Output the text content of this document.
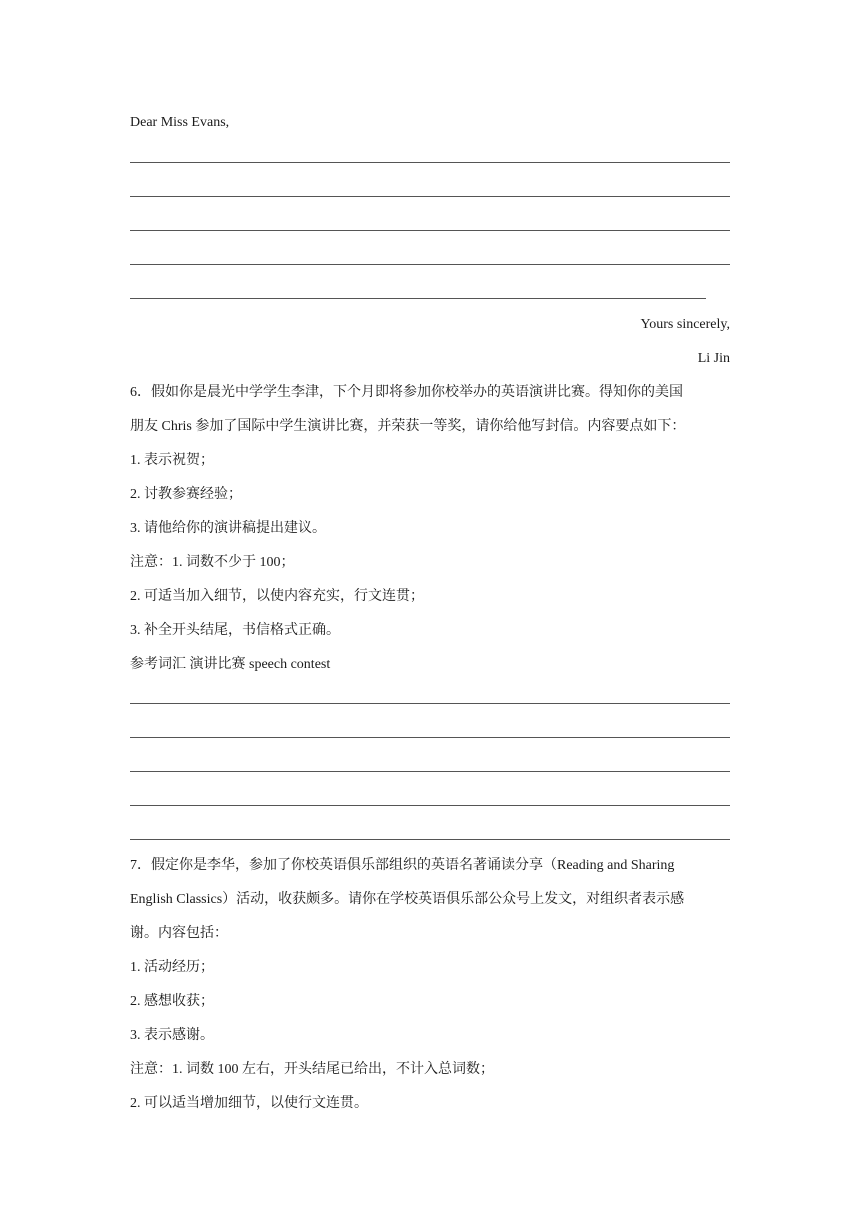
Dear Miss Evans,
Yours sincerely,
Li Jin
6．假如你是晨光中学学生李津，下个月即将参加你校举办的英语演讲比赛。得知你的美国
朋友 Chris 参加了国际中学生演讲比赛，并荣获一等奖，请你给他写封信。内容要点如下：
1. 表示祝贺；
2. 讨教参赛经验；
3. 请他给你的演讲稿提出建议。
注意：1. 词数不少于 100；
2. 可适当加入细节，以使内容充实，行文连贯；
3. 补全开头结尾，书信格式正确。
参考词汇 演讲比赛 speech contest
7．假定你是李华，参加了你校英语俱乐部组织的英语名著诵读分享（Reading and Sharing
English Classics）活动，收获颇多。请你在学校英语俱乐部公众号上发文，对组织者表示感
谢。内容包括：
1. 活动经历；
2. 感想收获；
3. 表示感谢。
注意：1. 词数 100 左右，开头结尾已给出，不计入总词数；
2. 可以适当增加细节，以使行文连贯。
